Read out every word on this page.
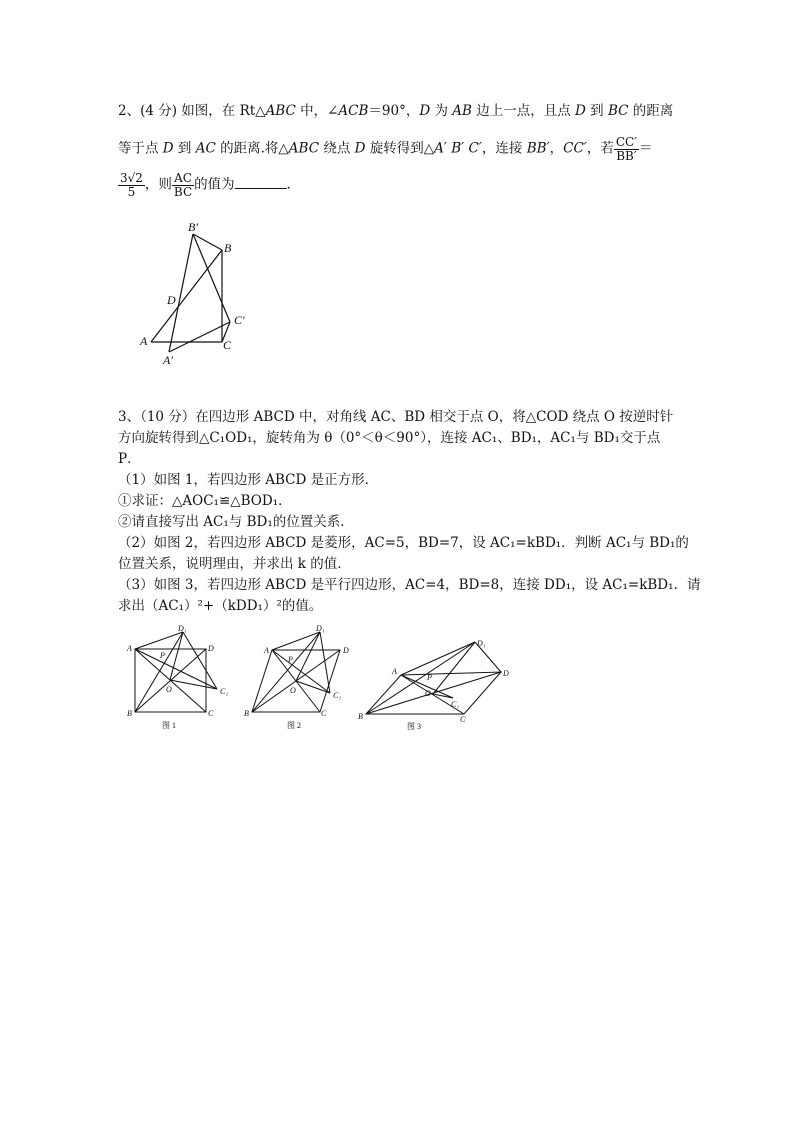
2、(4 分) 如图，在 Rt△ABC 中，∠ACB＝90°，D 为 AB 边上一点，且点 D 到 BC 的距离
等于点 D 到 AC 的距离.将△ABC 绕点 D 旋转得到△A′ B′ C′，连接 BB′，CC′，若 $\frac{CC'}{BB'}$ ＝
$\frac{3√2}{5}$ ，则 $\frac{AC}{BC}$ 的值为	．
B′
B
D
C′
A	C
A′
3、（10 分）在四边形 ABCD 中，对角线 AC、BD 相交于点 O，将△COD 绕点 O 按逆时针
方向旋转得到△C₁OD₁，旋转角为 θ（0°＜θ＜90°），连接 AC₁、BD₁，AC₁与 BD₁交于点
P．
（1）如图 1，若四边形 ABCD 是正方形．
①求证：△AOC₁≌△BOD₁．
②请直接写出 AC₁与 BD₁的位置关系．
（2）如图 2，若四边形 ABCD 是菱形，AC=5，BD=7，设 AC₁=kBD₁．判断 AC₁与 BD₁的
位置关系，说明理由，并求出 k 的值．
（3）如图 3，若四边形 ABCD 是平行四边形，AC=4，BD=8，连接 DD₁，设 AC₁=kBD₁．请
求出（AC₁）²+（kDD₁）²的值。
D₁
A	D
P
O	C₁
B	C
图 1
D₁
A	D
P
O
C₁
B	C
图 2
D₁
A	D
P
O
C₁
B	C
图 3
